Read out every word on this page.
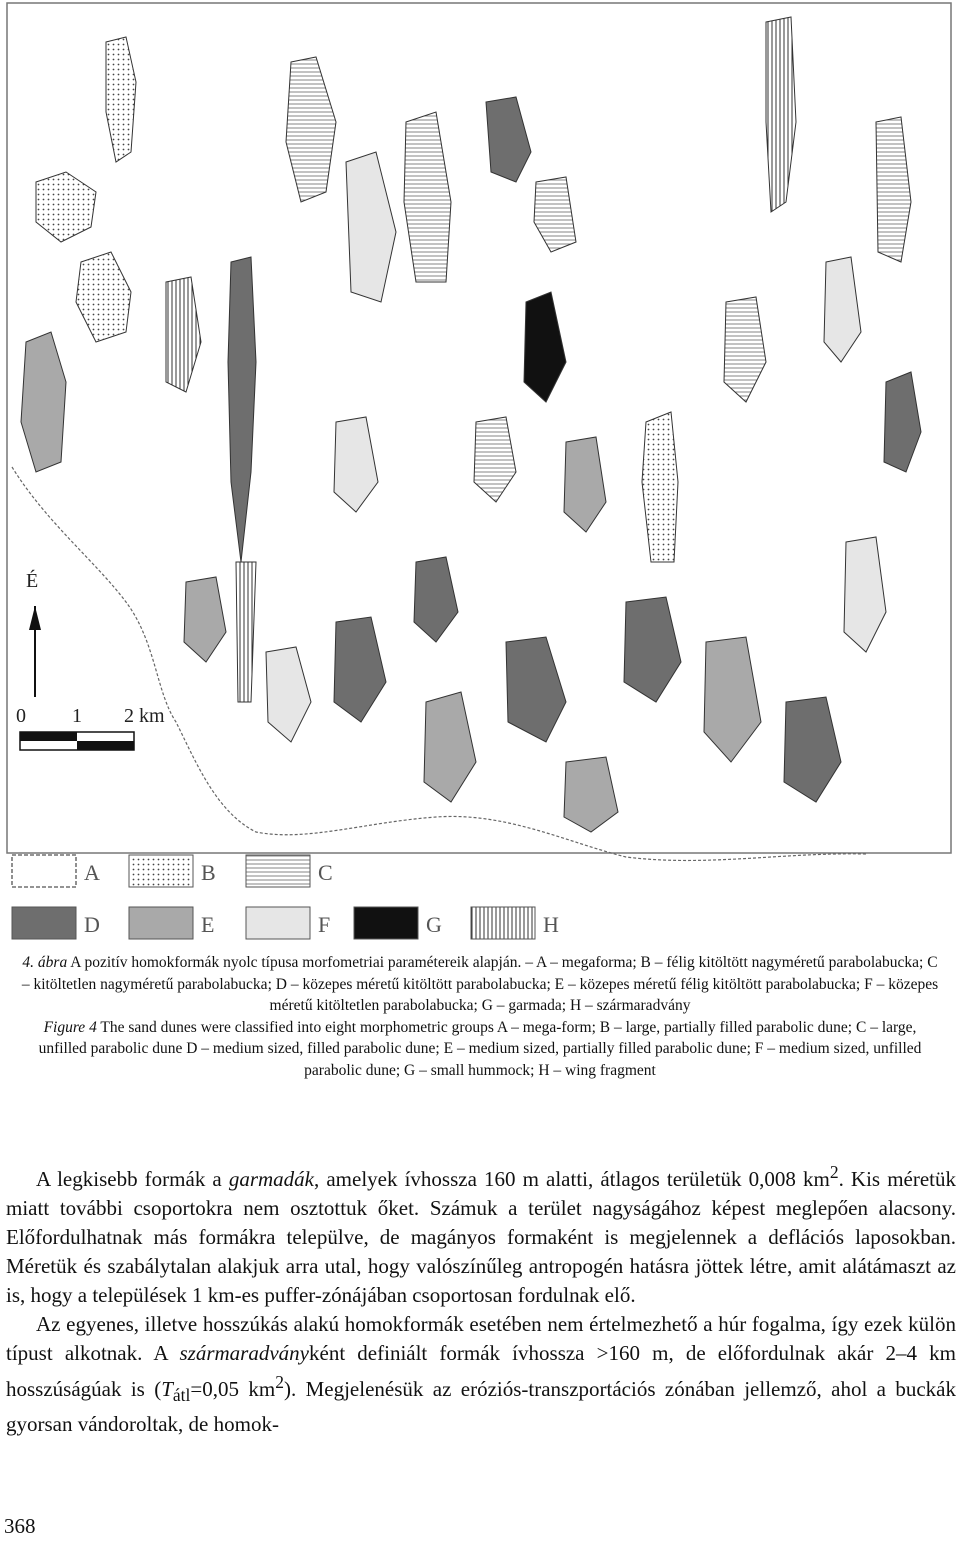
É
0 1 2 km
A	B	C
D	E	F	G	H

4. ábra A pozitív homokformák nyolc típusa morfometriai paramétereik alapján. – A – megaforma; B – félig kitöltött nagyméretű parabolabucka; C – kitöltetlen nagyméretű parabolabucka; D – közepes méretű kitöltött parabolabucka; E – közepes méretű félig kitöltött parabolabucka; F – közepes méretű kitöltetlen parabolabucka; G – garmada; H – szármaradvány

Figure 4 The sand dunes were classified into eight morphometric groups A – mega-form; B – large, partially filled parabolic dune; C – large, unfilled parabolic dune D – medium sized, filled parabolic dune; E – medium sized, partially filled parabolic dune; F – medium sized, unfilled parabolic dune; G – small hummock; H – wing fragment

A legkisebb formák a garmadák, amelyek ívhossza 160 m alatti, átlagos területük 0,008 $km^2$. Kis méretük miatt további csoportokra nem osztottuk őket. Számuk a terület nagyságához képest meglepően alacsony. Előfordulhatnak más formákra települve, de magányos formaként is megjelennek a deflációs laposokban. Méretük és szabálytalan alakjuk arra utal, hogy valószínűleg antropogén hatásra jöttek létre, amit alátámaszt az is, hogy a települések 1 km-es puffer-zónájában csoportosan fordulnak elő.

Az egyenes, illetve hosszúkás alakú homokformák esetében nem értelmezhető a húr fogalma, így ezek külön típust alkotnak. A szármaradványként definiált formák ívhossza >160 m, de előfordulnak akár 2–4 km hosszúságúak is ($T_{átl}=0,05$ $km^2$). Megjelenésük az eróziós-transzportációs zónában jellemző, ahol a buckák gyorsan vándoroltak, de homok-

368
